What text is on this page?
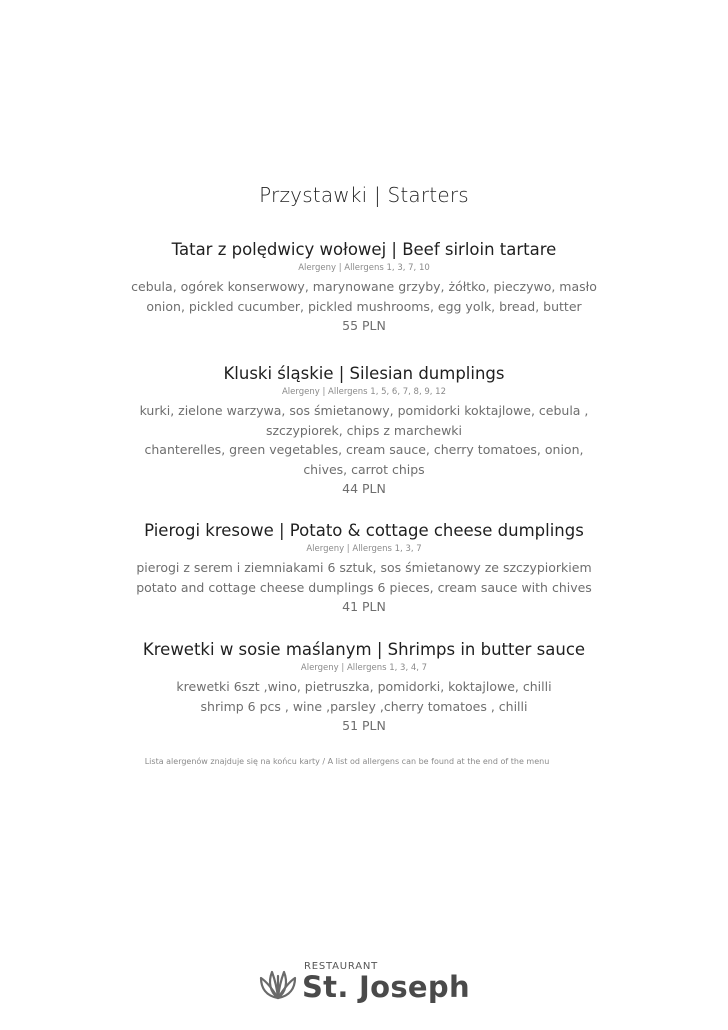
Przystawki | Starters

Tatar z polędwicy wołowej | Beef sirloin tartare

Alergeny | Allergens 1, 3, 7, 10

cebula, ogórek konserwowy, marynowane grzyby, żółtko, pieczywo, masło

onion, pickled cucumber, pickled mushrooms, egg yolk, bread, butter

55 PLN

Kluski śląskie | Silesian dumplings

Alergeny | Allergens 1, 5, 6, 7, 8, 9, 12

kurki, zielone warzywa, sos śmietanowy, pomidorki koktajlowe, cebula , szczypiorek, chips z marchewki

chanterelles, green vegetables, cream sauce, cherry tomatoes, onion, chives, carrot chips

44 PLN

Pierogi kresowe | Potato & cottage cheese dumplings

Alergeny | Allergens 1, 3, 7

pierogi z serem i ziemniakami 6 sztuk, sos śmietanowy ze szczypiorkiem

potato and cottage cheese dumplings 6 pieces, cream sauce with chives

41 PLN

Krewetki w sosie maślanym | Shrimps in butter sauce

Alergeny | Allergens 1, 3, 4, 7

krewetki 6szt ,wino, pietruszka, pomidorki, koktajlowe, chilli

shrimp 6 pcs , wine ,parsley ,cherry tomatoes , chilli

51 PLN

Lista alergenów znajduje się na końcu karty / A list od allergens can be found at the end of the menu

RESTAURANT
St. Joseph
